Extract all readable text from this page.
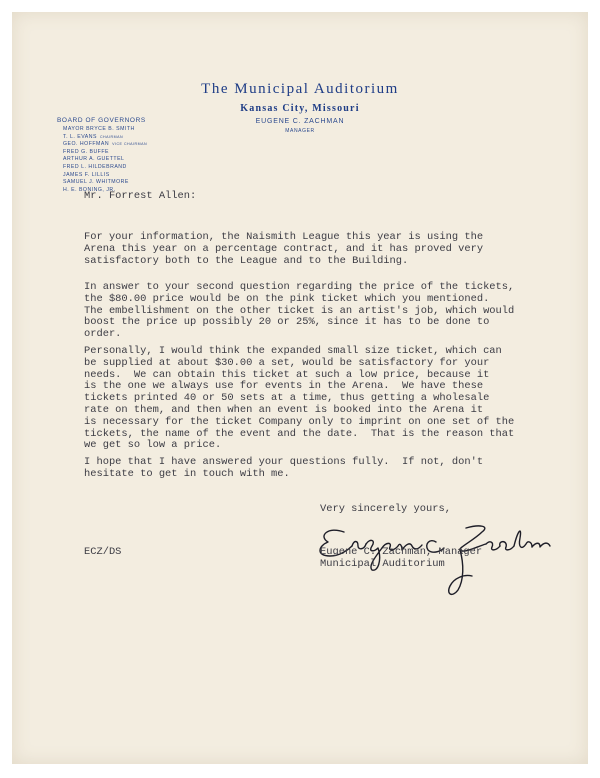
The Municipal Auditorium
Kansas City, Missouri
EUGENE C. ZACHMAN
MANAGER
BOARD OF GOVERNORS
MAYOR BRYCE B. SMITH
T. L. EVANS CHAIRMAN
GEO. HOFFMAN VICE CHAIRMAN
FRED G. BUFFE
ARTHUR A. GUETTEL
FRED L. HILDEBRAND
JAMES F. LILLIS
SAMUEL J. WHITMORE
H. E. BONING, JR.
Mr. Forrest Allen:
For your information, the Naismith League this year is using the
Arena this year on a percentage contract, and it has proved very
satisfactory both to the League and to the Building.
In answer to your second question regarding the price of the tickets,
the $80.00 price would be on the pink ticket which you mentioned.
The embellishment on the other ticket is an artist's job, which would
boost the price up possibly 20 or 25%, since it has to be done to
order.
Personally, I would think the expanded small size ticket, which can
be supplied at about $30.00 a set, would be satisfactory for your
needs.  We can obtain this ticket at such a low price, because it
is the one we always use for events in the Arena.  We have these
tickets printed 40 or 50 sets at a time, thus getting a wholesale
rate on them, and then when an event is booked into the Arena it
is necessary for the ticket Company only to imprint on one set of the
tickets, the name of the event and the date.  That is the reason that
we get so low a price.
I hope that I have answered your questions fully.  If not, don't
hesitate to get in touch with me.
Very sincerely yours,
ECZ/DS	Eugene C. Zachman, Manager
Municipal Auditorium
